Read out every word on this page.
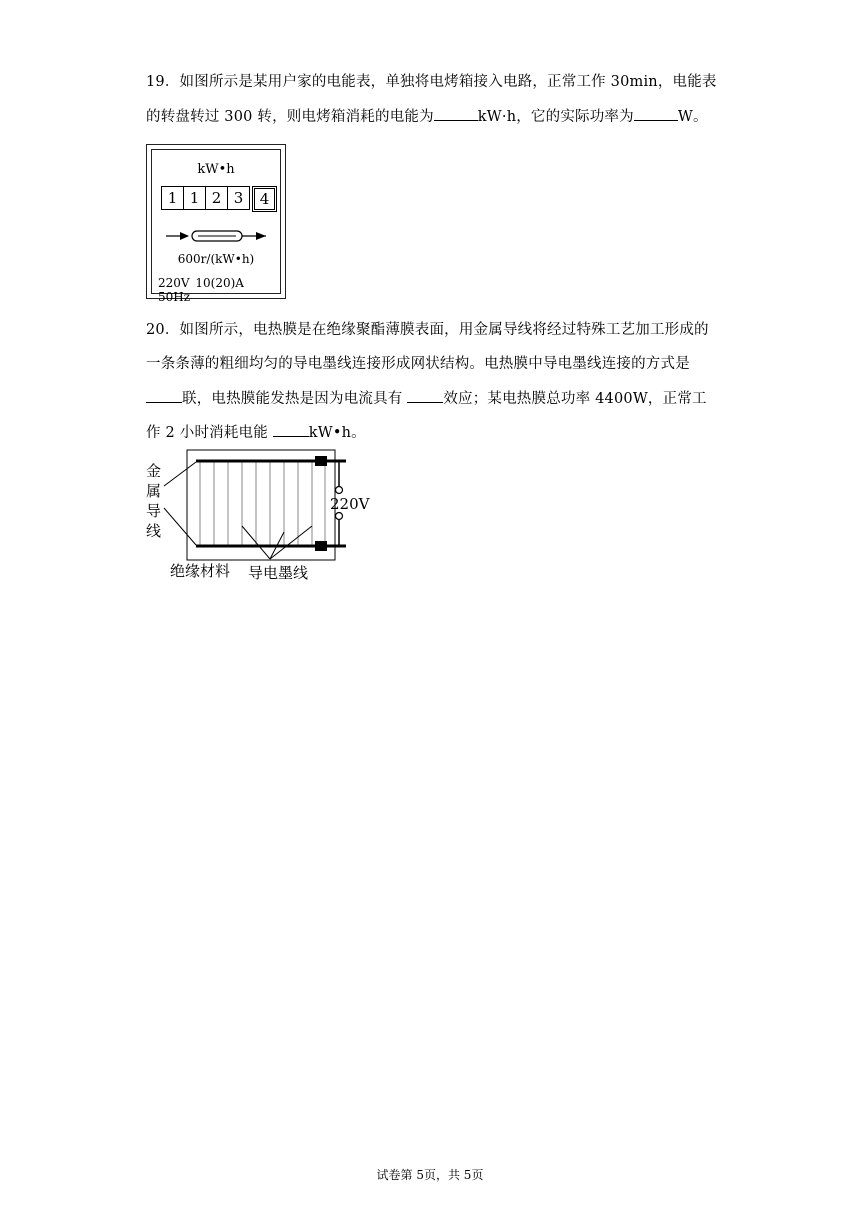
19．如图所示是某用户家的电能表，单独将电烤箱接入电路，正常工作 30min，电能表
的转盘转过 300 转，则电烤箱消耗的电能为	kW·h，它的实际功率为	W。
kW•h
1 1 2 3	4
600r/(kW•h)
220V 10(20)A 50Hz
20．如图所示，电热膜是在绝缘聚酯薄膜表面，用金属导线将经过特殊工艺加工形成的
一条条薄的粗细均匀的导电墨线连接形成网状结构。电热膜中导电墨线连接的方式是
联，电热膜能发热是因为电流具有 效应；某电热膜总功率 4400W，正常工
作 2 小时消耗电能 kW•h。
金
属
导
线
220V
绝缘材料 导电墨线
试卷第 5页，共 5页
